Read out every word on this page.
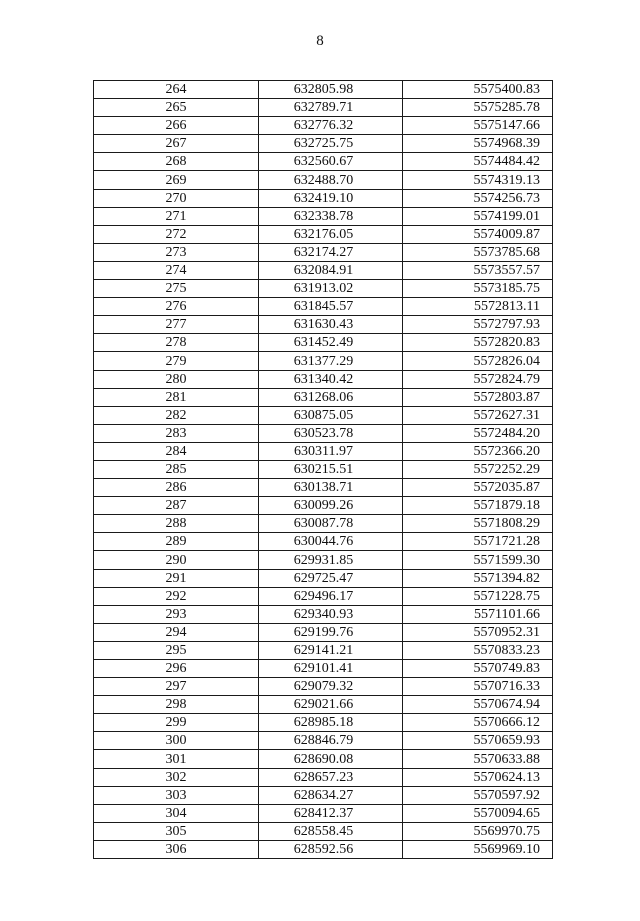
8
264	632805.98	5575400.83
265	632789.71	5575285.78
266	632776.32	5575147.66
267	632725.75	5574968.39
268	632560.67	5574484.42
269	632488.70	5574319.13
270	632419.10	5574256.73
271	632338.78	5574199.01
272	632176.05	5574009.87
273	632174.27	5573785.68
274	632084.91	5573557.57
275	631913.02	5573185.75
276	631845.57	5572813.11
277	631630.43	5572797.93
278	631452.49	5572820.83
279	631377.29	5572826.04
280	631340.42	5572824.79
281	631268.06	5572803.87
282	630875.05	5572627.31
283	630523.78	5572484.20
284	630311.97	5572366.20
285	630215.51	5572252.29
286	630138.71	5572035.87
287	630099.26	5571879.18
288	630087.78	5571808.29
289	630044.76	5571721.28
290	629931.85	5571599.30
291	629725.47	5571394.82
292	629496.17	5571228.75
293	629340.93	5571101.66
294	629199.76	5570952.31
295	629141.21	5570833.23
296	629101.41	5570749.83
297	629079.32	5570716.33
298	629021.66	5570674.94
299	628985.18	5570666.12
300	628846.79	5570659.93
301	628690.08	5570633.88
302	628657.23	5570624.13
303	628634.27	5570597.92
304	628412.37	5570094.65
305	628558.45	5569970.75
306	628592.56	5569969.10
